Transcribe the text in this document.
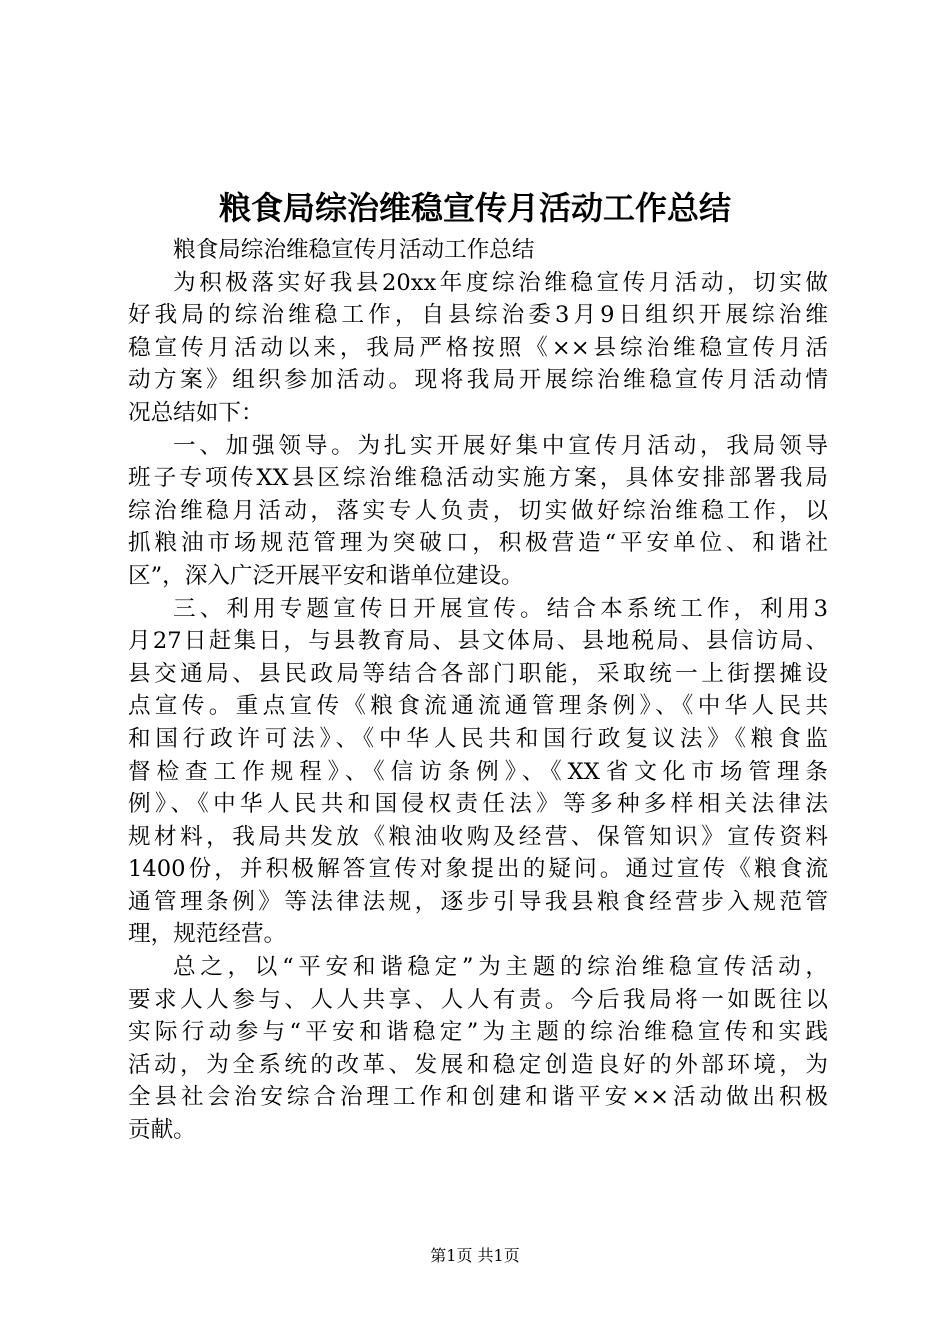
粮食局综治维稳宣传月活动工作总结
粮食局综治维稳宣传月活动工作总结
为积极落实好我县20xx年度综治维稳宣传月活动，切实做
好我局的综治维稳工作，自县综治委3月9日组织开展综治维
稳宣传月活动以来，我局严格按照《××县综治维稳宣传月活
动方案》组织参加活动。现将我局开展综治维稳宣传月活动情
况总结如下：
一、加强领导。为扎实开展好集中宣传月活动，我局领导
班子专项传XX县区综治维稳活动实施方案，具体安排部署我局
综治维稳月活动，落实专人负责，切实做好综治维稳工作，以
抓粮油市场规范管理为突破口，积极营造“平安单位、和谐社
区”，深入广泛开展平安和谐单位建设。
三、利用专题宣传日开展宣传。结合本系统工作，利用3
月27日赶集日，与县教育局、县文体局、县地税局、县信访局、
县交通局、县民政局等结合各部门职能，采取统一上街摆摊设
点宣传。重点宣传《粮食流通流通管理条例》、《中华人民共
和国行政许可法》、《中华人民共和国行政复议法》《粮食监
督检查工作规程》、《信访条例》、《XX省文化市场管理条
例》、《中华人民共和国侵权责任法》等多种多样相关法律法
规材料，我局共发放《粮油收购及经营、保管知识》宣传资料
1400份，并积极解答宣传对象提出的疑问。通过宣传《粮食流
通管理条例》等法律法规，逐步引导我县粮食经营步入规范管
理，规范经营。
总之，以“平安和谐稳定”为主题的综治维稳宣传活动，
要求人人参与、人人共享、人人有责。今后我局将一如既往以
实际行动参与“平安和谐稳定”为主题的综治维稳宣传和实践
活动，为全系统的改革、发展和稳定创造良好的外部环境，为
全县社会治安综合治理工作和创建和谐平安××活动做出积极
贡献。
第1页 共1页
